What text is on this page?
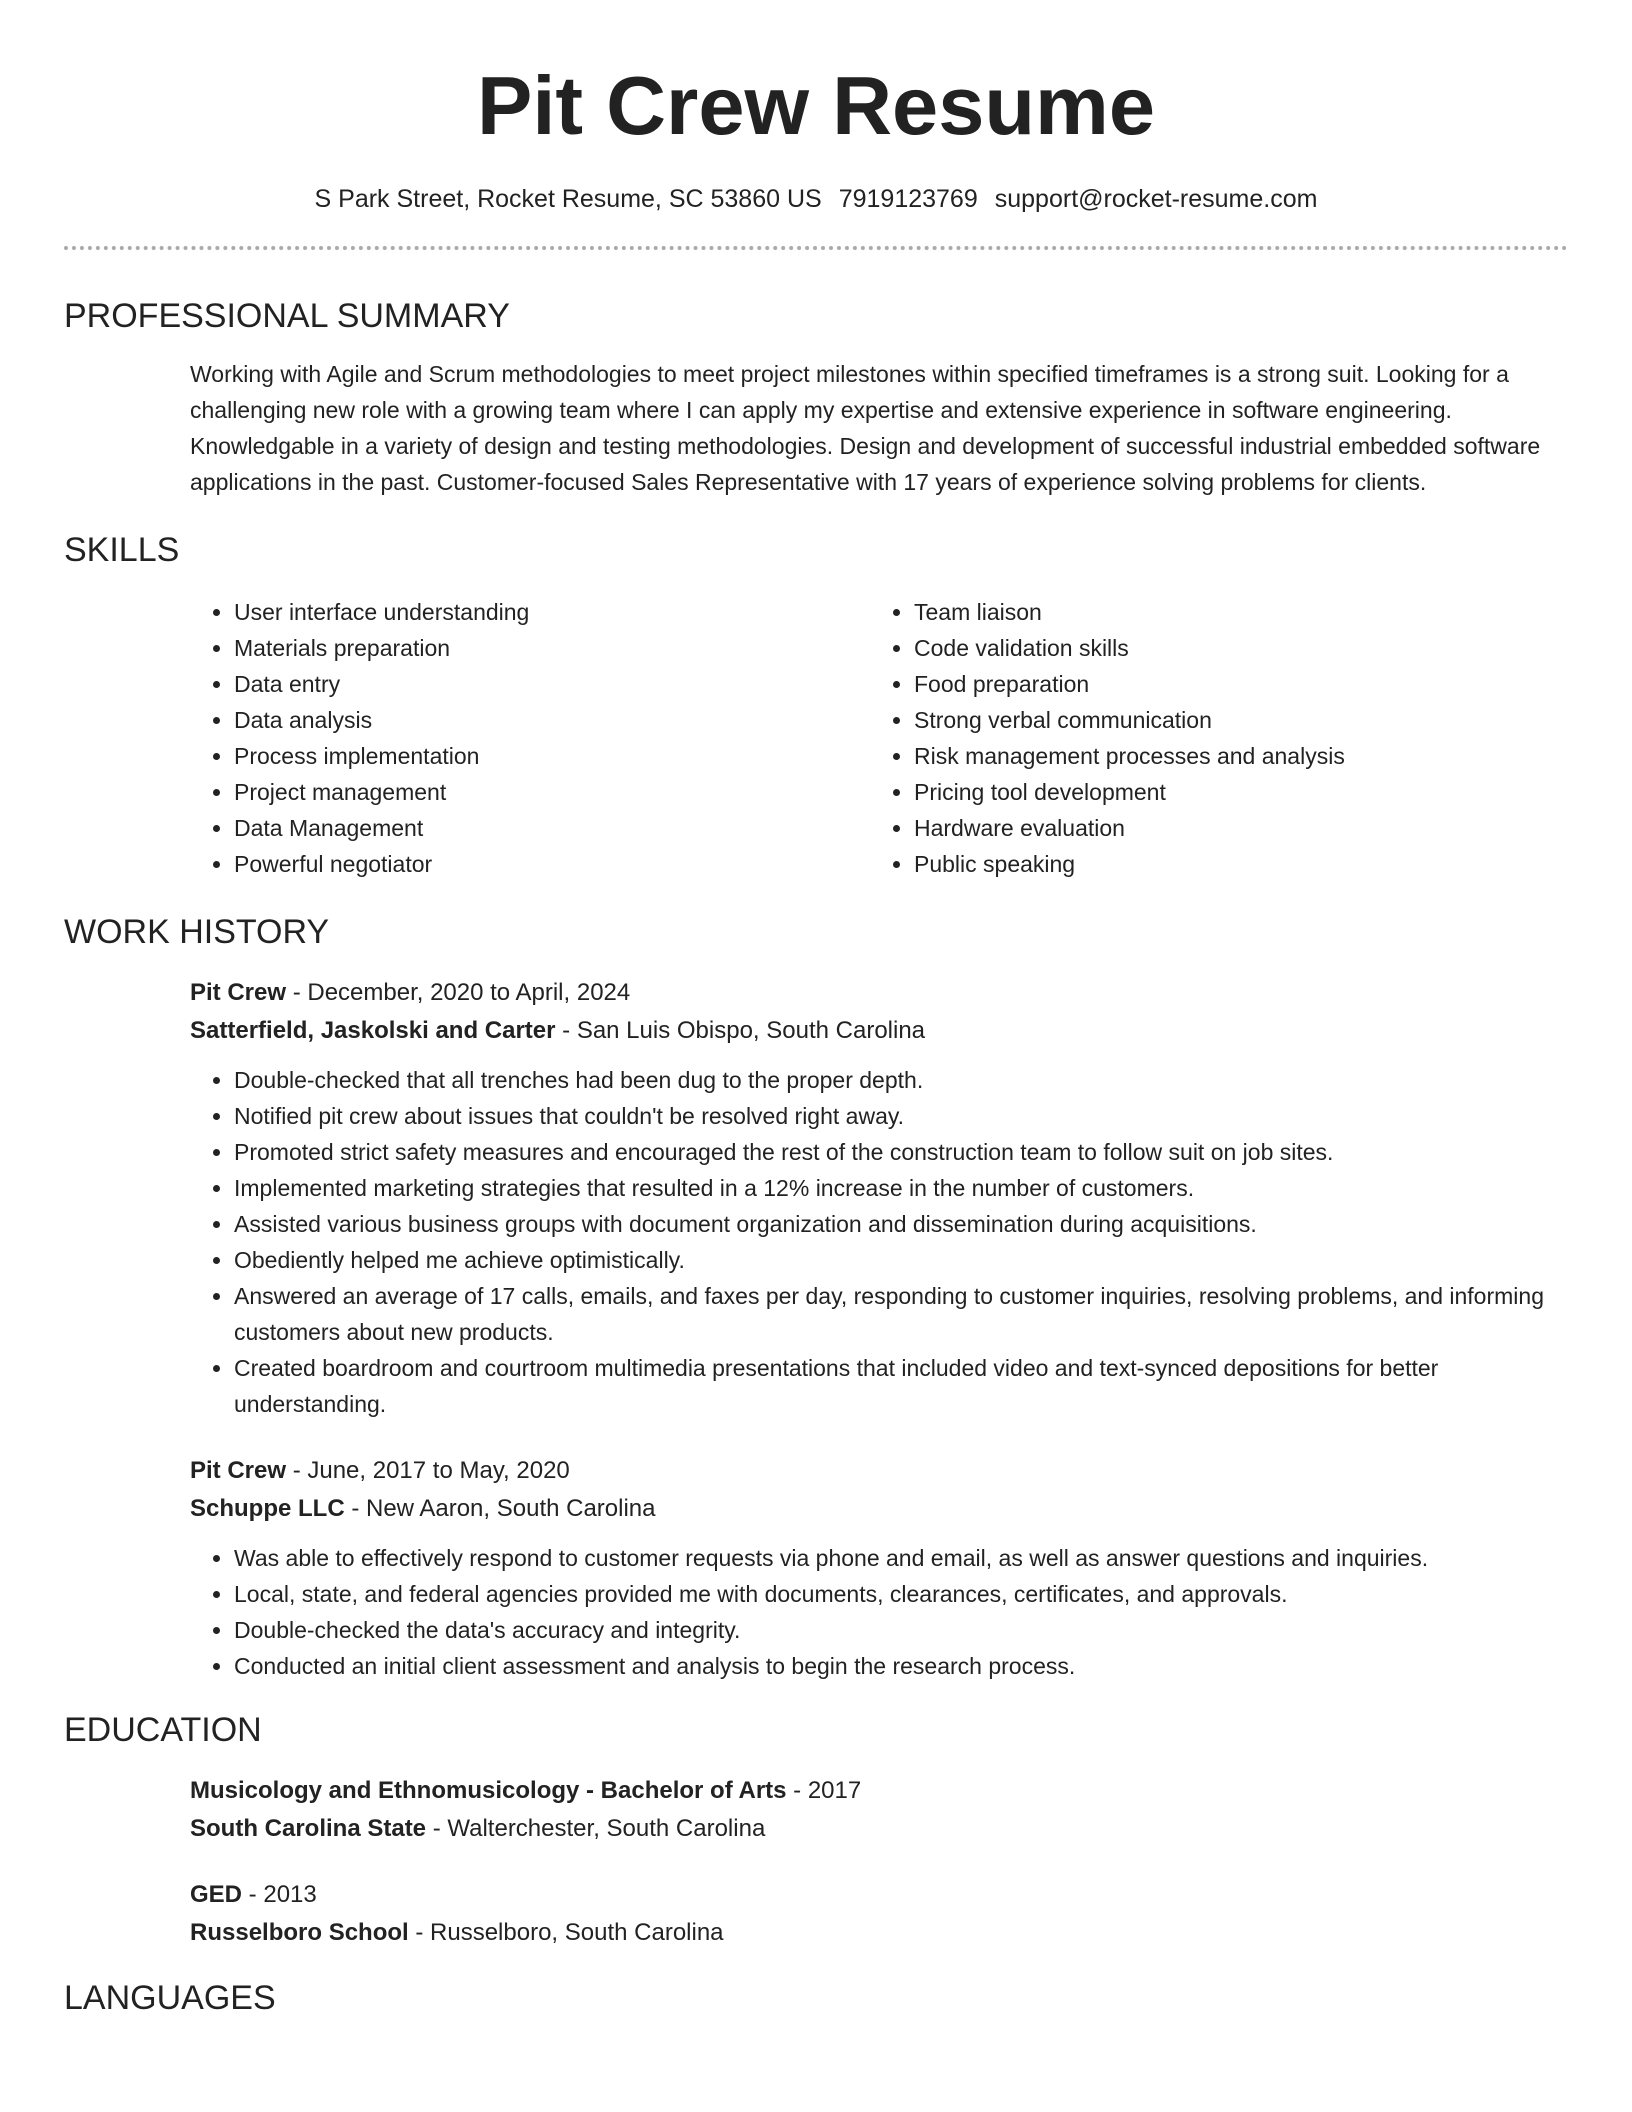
Pit Crew Resume
S Park Street, Rocket Resume, SC 53860 US 7919123769 support@rocket-resume.com
PROFESSIONAL SUMMARY
Working with Agile and Scrum methodologies to meet project milestones within specified timeframes is a strong suit. Looking for a challenging new role with a growing team where I can apply my expertise and extensive experience in software engineering. Knowledgable in a variety of design and testing methodologies. Design and development of successful industrial embedded software applications in the past. Customer-focused Sales Representative with 17 years of experience solving problems for clients.
SKILLS
• User interface understanding
• Materials preparation
• Data entry
• Data analysis
• Process implementation
• Project management
• Data Management
• Powerful negotiator
• Team liaison
• Code validation skills
• Food preparation
• Strong verbal communication
• Risk management processes and analysis
• Pricing tool development
• Hardware evaluation
• Public speaking
WORK HISTORY
Pit Crew - December, 2020 to April, 2024
Satterfield, Jaskolski and Carter - San Luis Obispo, South Carolina
• Double-checked that all trenches had been dug to the proper depth.
• Notified pit crew about issues that couldn't be resolved right away.
• Promoted strict safety measures and encouraged the rest of the construction team to follow suit on job sites.
• Implemented marketing strategies that resulted in a 12% increase in the number of customers.
• Assisted various business groups with document organization and dissemination during acquisitions.
• Obediently helped me achieve optimistically.
• Answered an average of 17 calls, emails, and faxes per day, responding to customer inquiries, resolving problems, and informing customers about new products.
• Created boardroom and courtroom multimedia presentations that included video and text-synced depositions for better understanding.
Pit Crew - June, 2017 to May, 2020
Schuppe LLC - New Aaron, South Carolina
• Was able to effectively respond to customer requests via phone and email, as well as answer questions and inquiries.
• Local, state, and federal agencies provided me with documents, clearances, certificates, and approvals.
• Double-checked the data's accuracy and integrity.
• Conducted an initial client assessment and analysis to begin the research process.
EDUCATION
Musicology and Ethnomusicology - Bachelor of Arts - 2017
South Carolina State - Walterchester, South Carolina
GED - 2013
Russelboro School - Russelboro, South Carolina
LANGUAGES
